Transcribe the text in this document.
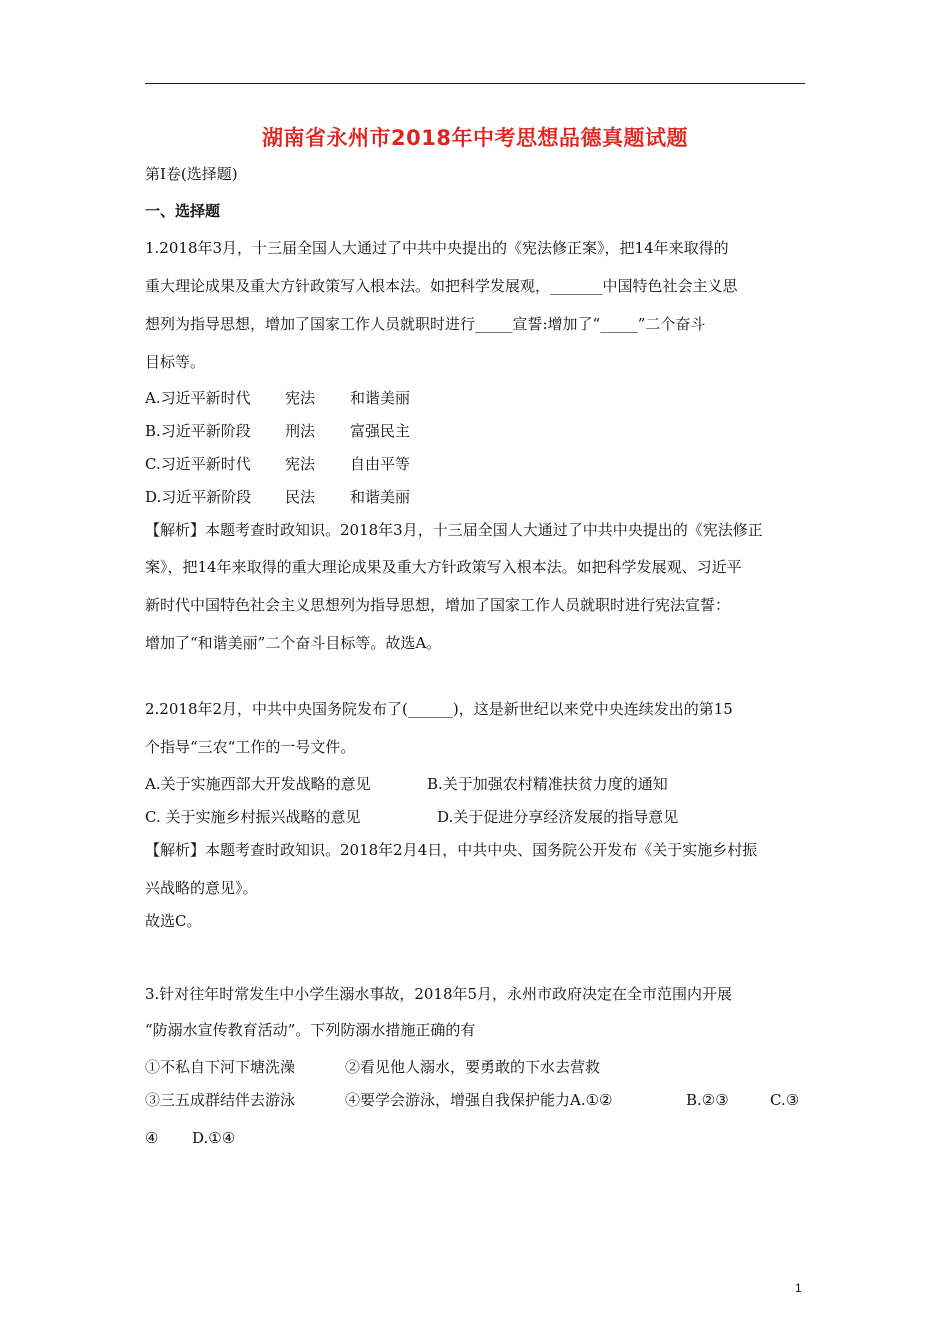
湖南省永州市2018年中考思想品德真题试题
第Ⅰ卷(选择题)
一、选择题
1.2018年3月，十三届全国人大通过了中共中央提出的《宪法修正案》，把14年来取得的
重大理论成果及重大方针政策写入根本法。如把科学发展观，_______中国特色社会主义思
想列为指导思想，增加了国家工作人员就职时进行_____宣誓:增加了“_____”二个奋斗
目标等。
A.习近平新时代 宪法 和谐美丽
B.习近平新阶段 刑法 富强民主
C.习近平新时代 宪法 自由平等
D.习近平新阶段 民法 和谐美丽
【解析】本题考查时政知识。2018年3月，十三届全国人大通过了中共中央提出的《宪法修正
案》，把14年来取得的重大理论成果及重大方针政策写入根本法。如把科学发展观、习近平
新时代中国特色社会主义思想列为指导思想，增加了国家工作人员就职时进行宪法宣誓：
增加了“和谐美丽”二个奋斗目标等。故选A。
2.2018年2月，中共中央国务院发布了(______)，这是新世纪以来党中央连续发出的第15
个指导“三农“工作的一号文件。
A.关于实施西部大开发战略的意见	B.关于加强农村精准扶贫力度的通知
C. 关于实施乡村振兴战略的意见	D.关于促进分享经济发展的指导意见
【解析】本题考查时政知识。2018年2月4日，中共中央、国务院公开发布《关于实施乡村振
兴战略的意见》。
故选C。
3.针对往年时常发生中小学生溺水事故，2018年5月，永州市政府决定在全市范围内开展
“防溺水宣传教育活动”。下列防溺水措施正确的有
①不私自下河下塘洗澡	②看见他人溺水，要勇敢的下水去营救
③三五成群结伴去游泳	④要学会游泳，增强自我保护能力A.①②	B.②③	C.③
④ D.①④
1
